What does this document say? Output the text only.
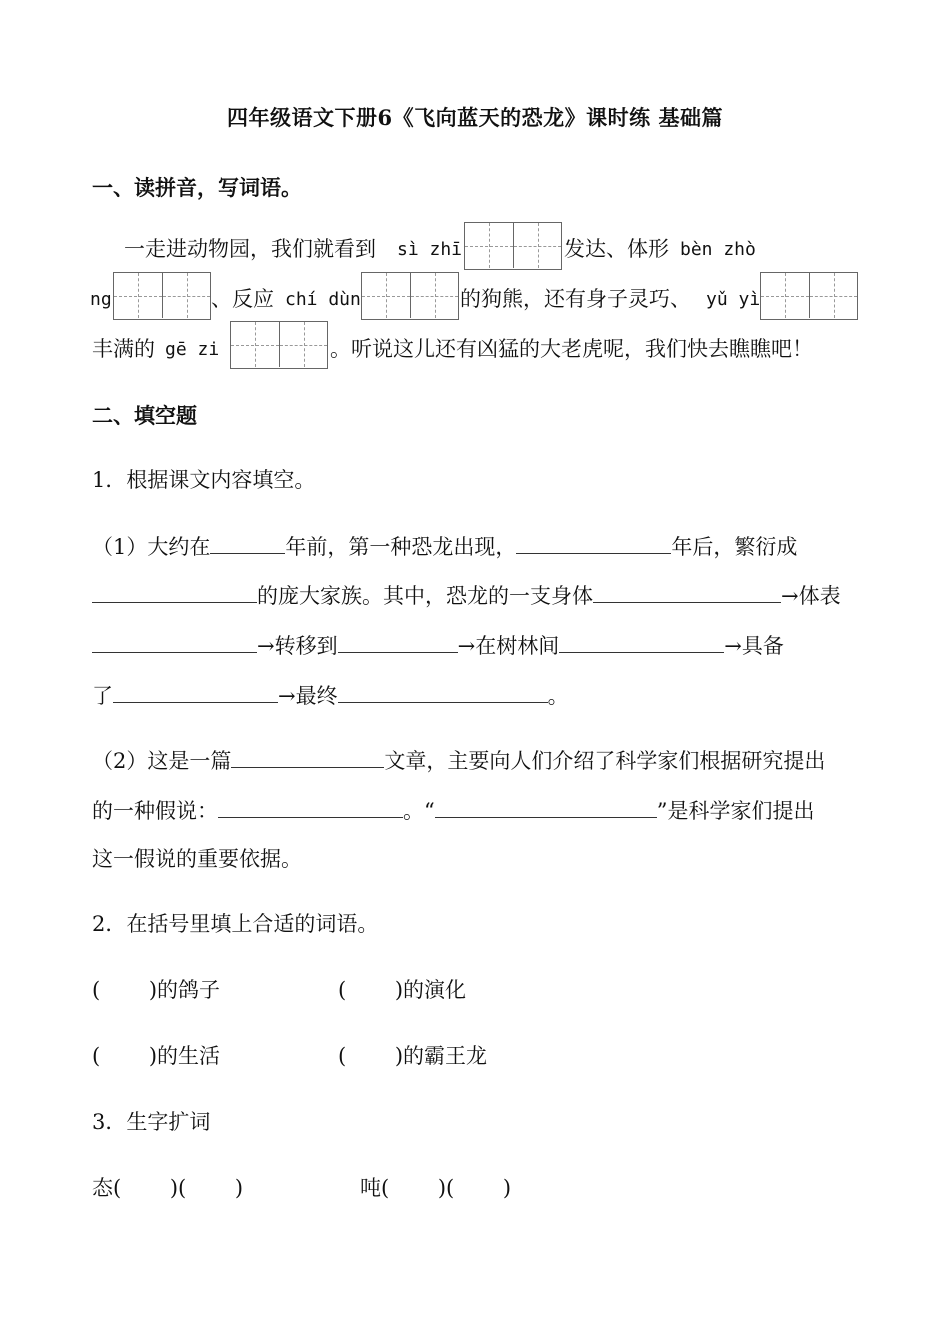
四年级语文下册6《飞向蓝天的恐龙》课时练 基础篇
一、读拼音，写词语。
一走进动物园，我们就看到 sì zhī	发达、体形 bèn zhò
ng	、反应 chí dùn	的狗熊，还有身子灵巧、 yǔ yì
丰满的 gē zi	。听说这儿还有凶猛的大老虎呢，我们快去瞧瞧吧！
二、填空题
1．根据课文内容填空。
（1）大约在	年前，第一种恐龙出现，	年后，繁衍成
的庞大家族。其中，恐龙的一支身体	→体表
→转移到	→在树林间	→具备
了	→最终	。
（2）这是一篇	文章，主要向人们介绍了科学家们根据研究提出
的一种假说：	。“	”是科学家们提出
这一假说的重要依据。
2．在括号里填上合适的词语。
(　　 )的鸽子	(　　 )的演化
(　　 )的生活	(　　 )的霸王龙
3．生字扩词
态(　　 )(　　 )	吨(　　 )(　　 )
